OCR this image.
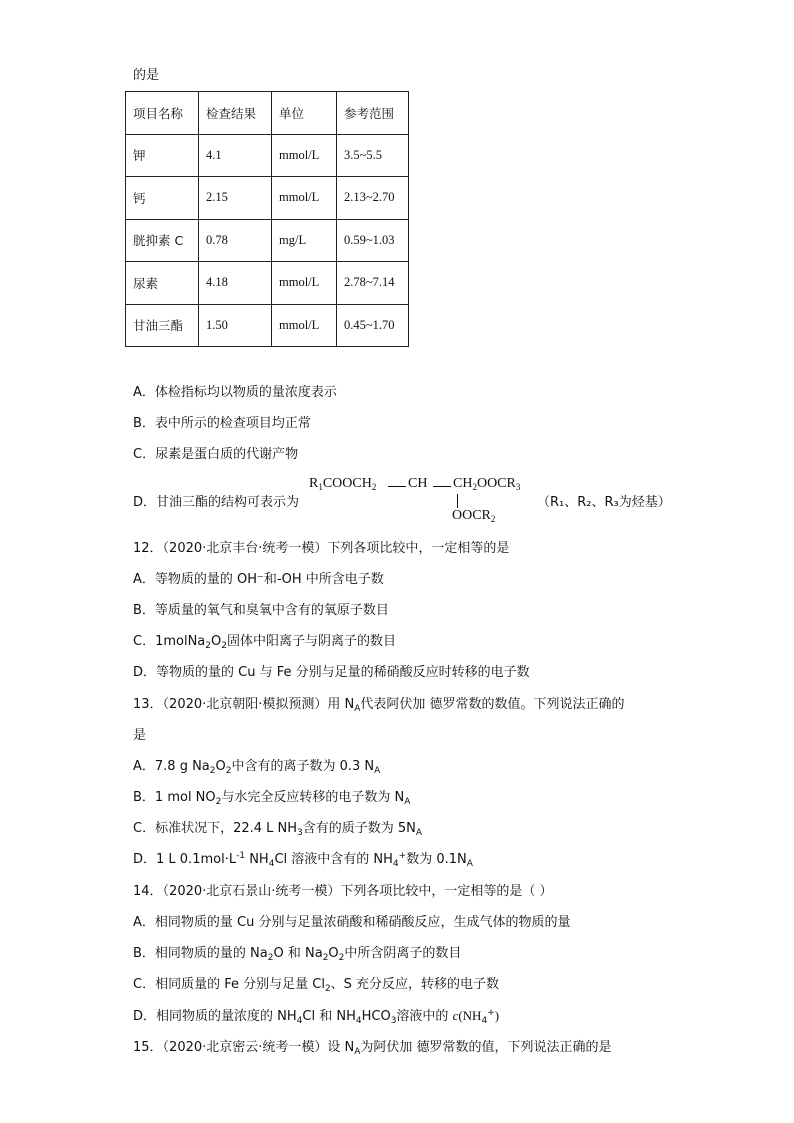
的是
项目名称	检查结果	单位	参考范围
钾	4.1	mmol/L	3.5~5.5
钙	2.15	mmol/L	2.13~2.70
胱抑素 C	0.78	mg/L	0.59~1.03
尿素	4.18	mmol/L	2.78~7.14
甘油三酯	1.50	mmol/L	0.45~1.70
A．体检指标均以物质的量浓度表示
B．表中所示的检查项目均正常
C．尿素是蛋白质的代谢产物
D．甘油三酯的结构可表示为
$R_1COOCH_2$ CH $CH_2OOCR_3$
$OOCR_2$
（R₁、R₂、R₃为烃基）
12．（2020·北京丰台·统考一模）下列各项比较中，一定相等的是
A．等物质的量的 OH⁻和-OH 中所含电子数
B．等质量的氧气和臭氧中含有的氧原子数目
C．$1molNa_2O_2$固体中阳离子与阴离子的数目
D．等物质的量的 Cu 与 Fe 分别与足量的稀硝酸反应时转移的电子数
13．（2020·北京朝阳·模拟预测）用 $N_A$代表阿伏加 德罗常数的数值。下列说法正确的
是
A．7.8 g $Na_2O_2$中含有的离子数为 0.3 $N_A$
B．1 mol $NO_2$与水完全反应转移的电子数为 $N_A$
C．标准状况下，22.4 L $NH_3$含有的质子数为 $5N_A$
D．1 L $0.1mol\cdot L^{-1}$ $NH_4Cl$ 溶液中含有的 $NH_4^+$数为 $0.1N_A$
14．（2020·北京石景山·统考一模）下列各项比较中，一定相等的是（ ）
A．相同物质的量 Cu 分别与足量浓硝酸和稀硝酸反应，生成气体的物质的量
B．相同物质的量的 $Na_2O$ 和 $Na_2O_2$中所含阴离子的数目
C．相同质量的 Fe 分别与足量 $Cl_2$、S 充分反应，转移的电子数
D．相同物质的量浓度的 $NH_4Cl$ 和 $NH_4HCO_3$溶液中的 $c(NH_4^+)$
15．（2020·北京密云·统考一模）设 $N_A$为阿伏加 德罗常数的值，下列说法正确的是
